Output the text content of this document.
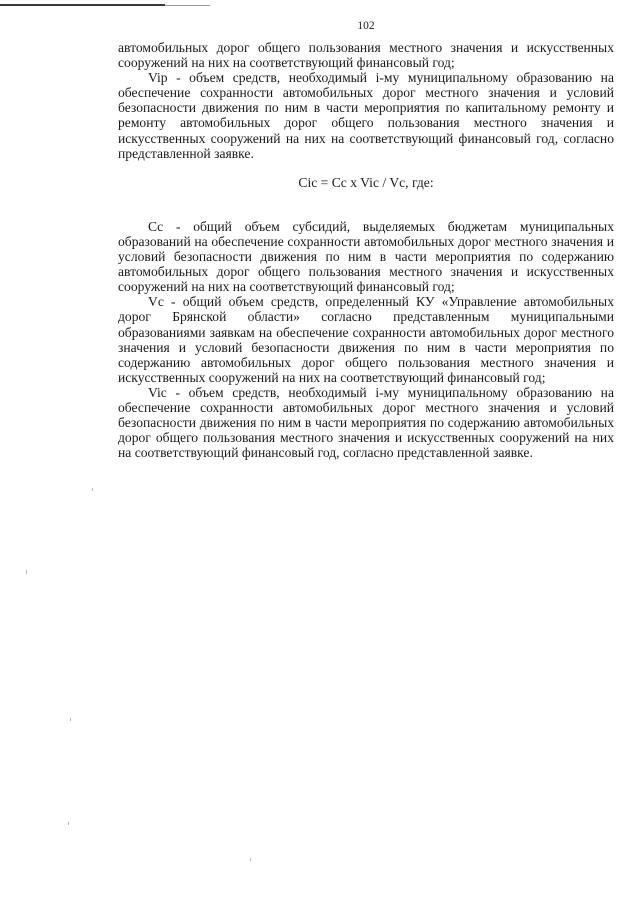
102

автомобильных дорог общего пользования местного значения и искусственных сооружений на них на соответствующий финансовый год;

Vip - объем средств, необходимый i-му муниципальному образованию на обеспечение сохранности автомобильных дорог местного значения и условий безопасности движения по ним в части мероприятия по капитальному ремонту и ремонту автомобильных дорог общего пользования местного значения и искусственных сооружений на них на соответствующий финансовый год, согласно представленной заявке.

Cic = Cc x Vic / Vc, где:

Cc - общий объем субсидий, выделяемых бюджетам муниципальных образований на обеспечение сохранности автомобильных дорог местного значения и условий безопасности движения по ним в части мероприятия по содержанию автомобильных дорог общего пользования местного значения и искусственных сооружений на них на соответствующий финансовый год;

Vc - общий объем средств, определенный КУ «Управление автомобильных дорог Брянской области» согласно представленным муниципальными образованиями заявкам на обеспечение сохранности автомобильных дорог местного значения и условий безопасности движения по ним в части мероприятия по содержанию автомобильных дорог общего пользования местного значения и искусственных сооружений на них на соответствующий финансовый год;

Vic - объем средств, необходимый i-му муниципальному образованию на обеспечение сохранности автомобильных дорог местного значения и условий безопасности движения по ним в части мероприятия по содержанию автомобильных дорог общего пользования местного значения и искусственных сооружений на них на соответствующий финансовый год, согласно представленной заявке.
